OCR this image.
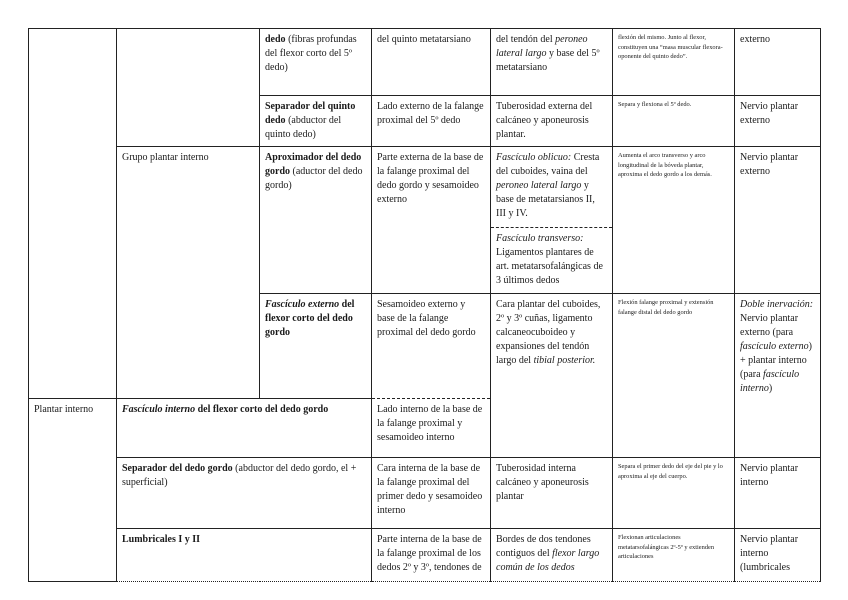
		dedo (fibras profundas del flexor corto del 5º dedo)	del quinto metatarsiano	del tendón del peroneo lateral largo y base del 5º metatarsiano	flexión del mismo. Junto al flexor, constituyen una “masa muscular flexora-oponente del quinto dedo”.	externo
		Separador del quinto dedo (abductor del quinto dedo)	Lado externo de la falange proximal del 5º dedo	Tuberosidad externa del calcáneo y aponeurosis plantar.	Separa y flexiona el 5º dedo.	Nervio plantar externo
	Grupo plantar interno	Aproximador del dedo gordo (aductor del dedo gordo)	Parte externa de la base de la falange proximal del dedo gordo y sesamoideo externo	Fascículo oblicuo: Cresta del cuboides, vaina del peroneo lateral largo y base de metatarsianos II, III y IV.
Fascículo transverso: Ligamentos plantares de art. metatarsofalángicas de 3 últimos dedos	Aumenta el arco transverso y arco longitudinal de la bóveda plantar, aproxima el dedo gordo a los demás.	Nervio plantar externo
		Fascículo externo del flexor corto del dedo gordo	Sesamoideo externo y base de la falange proximal del dedo gordo	Cara plantar del cuboides, 2º y 3º cuñas, ligamento calcaneocuboideo y expansiones del tendón largo del tibial posterior.	Flexión falange proximal y extensión falange distal del dedo gordo	Doble inervación: Nervio plantar externo (para fascículo externo) + plantar interno (para fascículo interno)
Plantar interno	Fascículo interno del flexor corto del dedo gordo		Lado interno de la base de la falange proximal y sesamoideo interno			
	Separador del dedo gordo (abductor del dedo gordo, el + superficial)		Cara interna de la base de la falange proximal del primer dedo y sesamoideo interno	Tuberosidad interna calcáneo y aponeurosis plantar	Separa el primer dedo del eje del pie y lo aproxima al eje del cuerpo.	Nervio plantar interno
	Lumbricales I y II		Parte interna de la base de la falange proximal de los dedos 2º y 3º, tendones de	Bordes de dos tendones contiguos del flexor largo común de los dedos	Flexionan articulaciones metatarsofalángicas 2º-5º y extienden articulaciones	Nervio plantar interno (lumbricales
